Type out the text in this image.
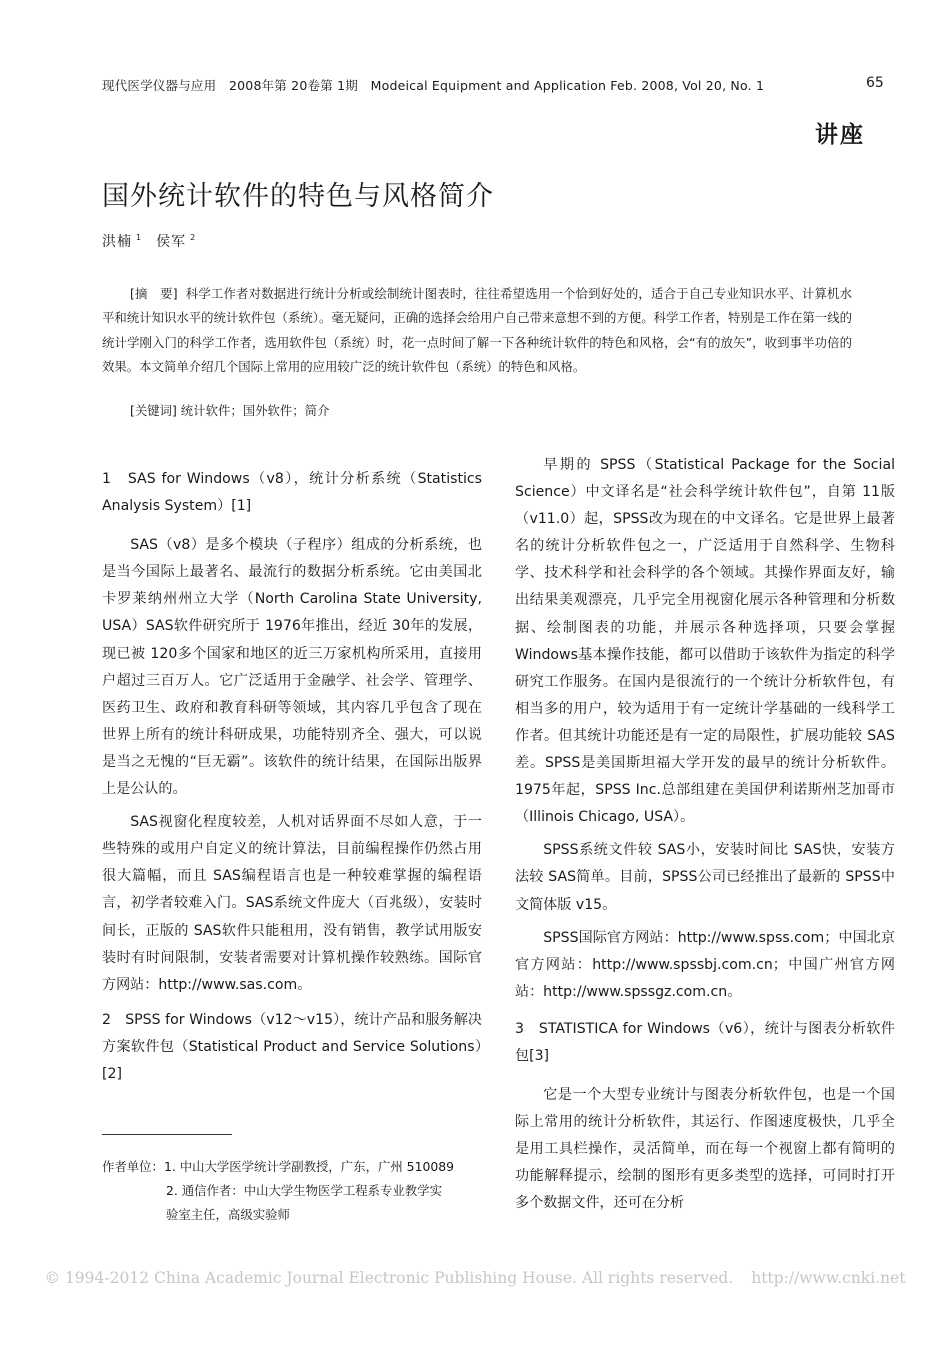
现代医学仪器与应用　2008年第 20卷第 1期　Modeical Equipment and Application Feb. 2008, Vol 20, No. 1	65
讲座
国外统计软件的特色与风格简介
洪楠 $^1$ 侯军 $^2$
[摘　要] 科学工作者对数据进行统计分析或绘制统计图表时，往往希望选用一个恰到好处的，适合于自己专业知识水平、计算机水平和统计知识水平的统计软件包（系统）。毫无疑问，正确的选择会给用户自己带来意想不到的方便。科学工作者，特别是工作在第一线的统计学刚入门的科学工作者，选用软件包（系统）时，花一点时间了解一下各种统计软件的特色和风格，会“有的放矢”，收到事半功倍的效果。本文简单介绍几个国际上常用的应用较广泛的统计软件包（系统）的特色和风格。
[关键词] 统计软件；国外软件；简介

1　SAS for Windows（v8），统计分析系统（Statistics Analysis System）[1]

SAS（v8）是多个模块（子程序）组成的分析系统，也是当今国际上最著名、最流行的数据分析系统。它由美国北卡罗莱纳州州立大学（North Carolina State University, USA）SAS软件研究所于 1976年推出，经近 30年的发展，现已被 120多个国家和地区的近三万家机构所采用，直接用户超过三百万人。它广泛适用于金融学、社会学、管理学、医药卫生、政府和教育科研等领域，其内容几乎包含了现在世界上所有的统计科研成果，功能特别齐全、强大，可以说是当之无愧的“巨无霸”。该软件的统计结果，在国际出版界上是公认的。

SAS视窗化程度较差，人机对话界面不尽如人意，于一些特殊的或用户自定义的统计算法，目前编程操作仍然占用很大篇幅，而且 SAS编程语言也是一种较难掌握的编程语言，初学者较难入门。SAS系统文件庞大（百兆级），安装时间长，正版的 SAS软件只能租用，没有销售，教学试用版安装时有时间限制，安装者需要对计算机操作较熟练。国际官方网站：http://www.sas.com。

2　SPSS for Windows（v12～v15），统计产品和服务解决方案软件包（Statistical Product and Service Solutions）[2]

早期的 SPSS（Statistical Package for the Social Science）中文译名是“社会科学统计软件包”，自第 11版（v11.0）起，SPSS改为现在的中文译名。它是世界上最著名的统计分析软件包之一，广泛适用于自然科学、生物科学、技术科学和社会科学的各个领域。其操作界面友好，输出结果美观漂亮，几乎完全用视窗化展示各种管理和分析数据、绘制图表的功能，并展示各种选择项，只要会掌握 Windows基本操作技能，都可以借助于该软件为指定的科学研究工作服务。在国内是很流行的一个统计分析软件包，有相当多的用户，较为适用于有一定统计学基础的一线科学工作者。但其统计功能还是有一定的局限性，扩展功能较 SAS差。SPSS是美国斯坦福大学开发的最早的统计分析软件。1975年起，SPSS Inc.总部组建在美国伊利诺斯州芝加哥市（Illinois Chicago, USA）。

SPSS系统文件较 SAS小，安装时间比 SAS快，安装方法较 SAS简单。目前，SPSS公司已经推出了最新的 SPSS中文简体版 v15。

SPSS国际官方网站：http://www.spss.com；中国北京官方网站：http://www.spssbj.com.cn；中国广州官方网站：http://www.spssgz.com.cn。

3　STATISTICA for Windows（v6），统计与图表分析软件包[3]

它是一个大型专业统计与图表分析软件包，也是一个国际上常用的统计分析软件，其运行、作图速度极快，几乎全是用工具栏操作，灵活简单，而在每一个视窗上都有简明的功能解释提示，绘制的图形有更多类型的选择，可同时打开多个数据文件，还可在分析

作者单位：1. 中山大学医学统计学副教授，广东，广州 510089
2. 通信作者：中山大学生物医学工程系专业教学实
验室主任，高级实验师
© 1994-2012 China Academic Journal Electronic Publishing House. All rights reserved. http://www.cnki.net
